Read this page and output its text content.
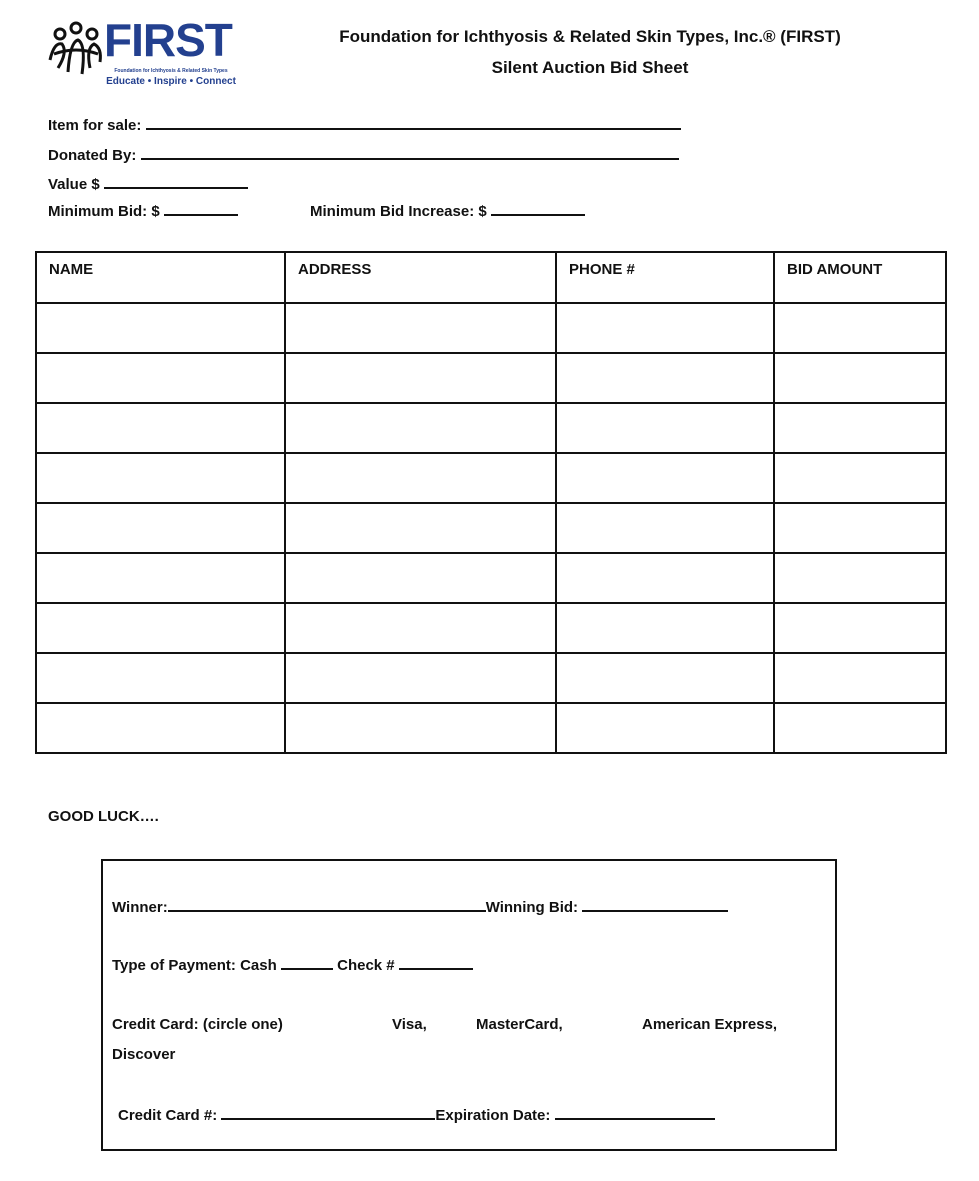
FIRST
Foundation for Ichthyosis & Related Skin Types
Educate • Inspire • Connect
Foundation for Ichthyosis & Related Skin Types, Inc.® (FIRST)
Silent Auction Bid Sheet
Item for sale:
Donated By:
Value $
Minimum Bid: $	Minimum Bid Increase: $
NAME	ADDRESS	PHONE #	BID AMOUNT

GOOD LUCK….
Winner:	Winning Bid:
Type of Payment: Cash	Check #
Credit Card: (circle one)	Visa,	MasterCard,	American Express,
Discover
Credit Card #:	Expiration Date:
